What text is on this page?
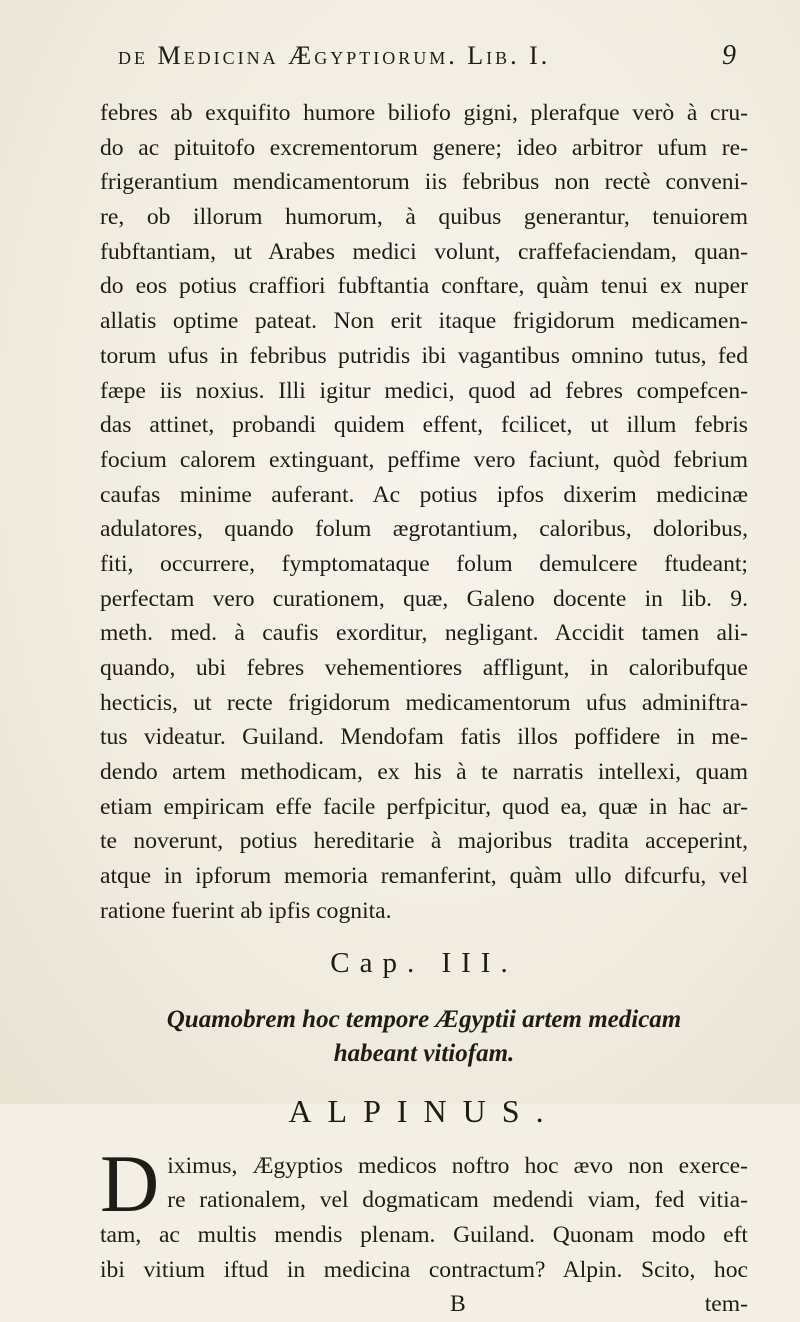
de Medicina Ægyptiorum. Lib. I.	9
febres ab exquifito humore biliofo gigni, plerafque verò à cru-
do ac pituitofo excrementorum genere; ideo arbitror ufum re-
frigerantium mendicamentorum iis febribus non rectè conveni-
re, ob illorum humorum, à quibus generantur, tenuiorem
fubftantiam, ut Arabes medici volunt, craffefaciendam, quan-
do eos potius craffiori fubftantia conftare, quàm tenui ex nuper
allatis optime pateat. Non erit itaque frigidorum medicamen-
torum ufus in febribus putridis ibi vagantibus omnino tutus, fed
fæpe iis noxius. Illi igitur medici, quod ad febres compefcen-
das attinet, probandi quidem effent, fcilicet, ut illum febris
focium calorem extinguant, peffime vero faciunt, quòd febrium
caufas minime auferant. Ac potius ipfos dixerim medicinæ
adulatores, quando folum ægrotantium, caloribus, doloribus,
fiti, occurrere, fymptomataque folum demulcere ftudeant;
perfectam vero curationem, quæ, Galeno docente in lib. 9.
meth. med. à caufis exorditur, negligant. Accidit tamen ali-
quando, ubi febres vehementiores affligunt, in caloribufque
hecticis, ut recte frigidorum medicamentorum ufus adminiftra-
tus videatur. Guiland. Mendofam fatis illos poffidere in me-
dendo artem methodicam, ex his à te narratis intellexi, quam
etiam empiricam effe facile perfpicitur, quod ea, quæ in hac ar-
te noverunt, potius hereditarie à majoribus tradita acceperint,
atque in ipforum memoria remanferint, quàm ullo difcurfu, vel
ratione fuerint ab ipfis cognita.
Cap. III.
Quamobrem hoc tempore Ægyptii artem medicam
habeant vitiofam.
ALPINUS.
D iximus, Ægyptios medicos noftro hoc ævo non exerce-
re rationalem, vel dogmaticam medendi viam, fed vitia-
tam, ac multis mendis plenam. Guiland. Quonam modo eft
ibi vitium iftud in medicina contractum? Alpin. Scito, hoc
B	tem-
